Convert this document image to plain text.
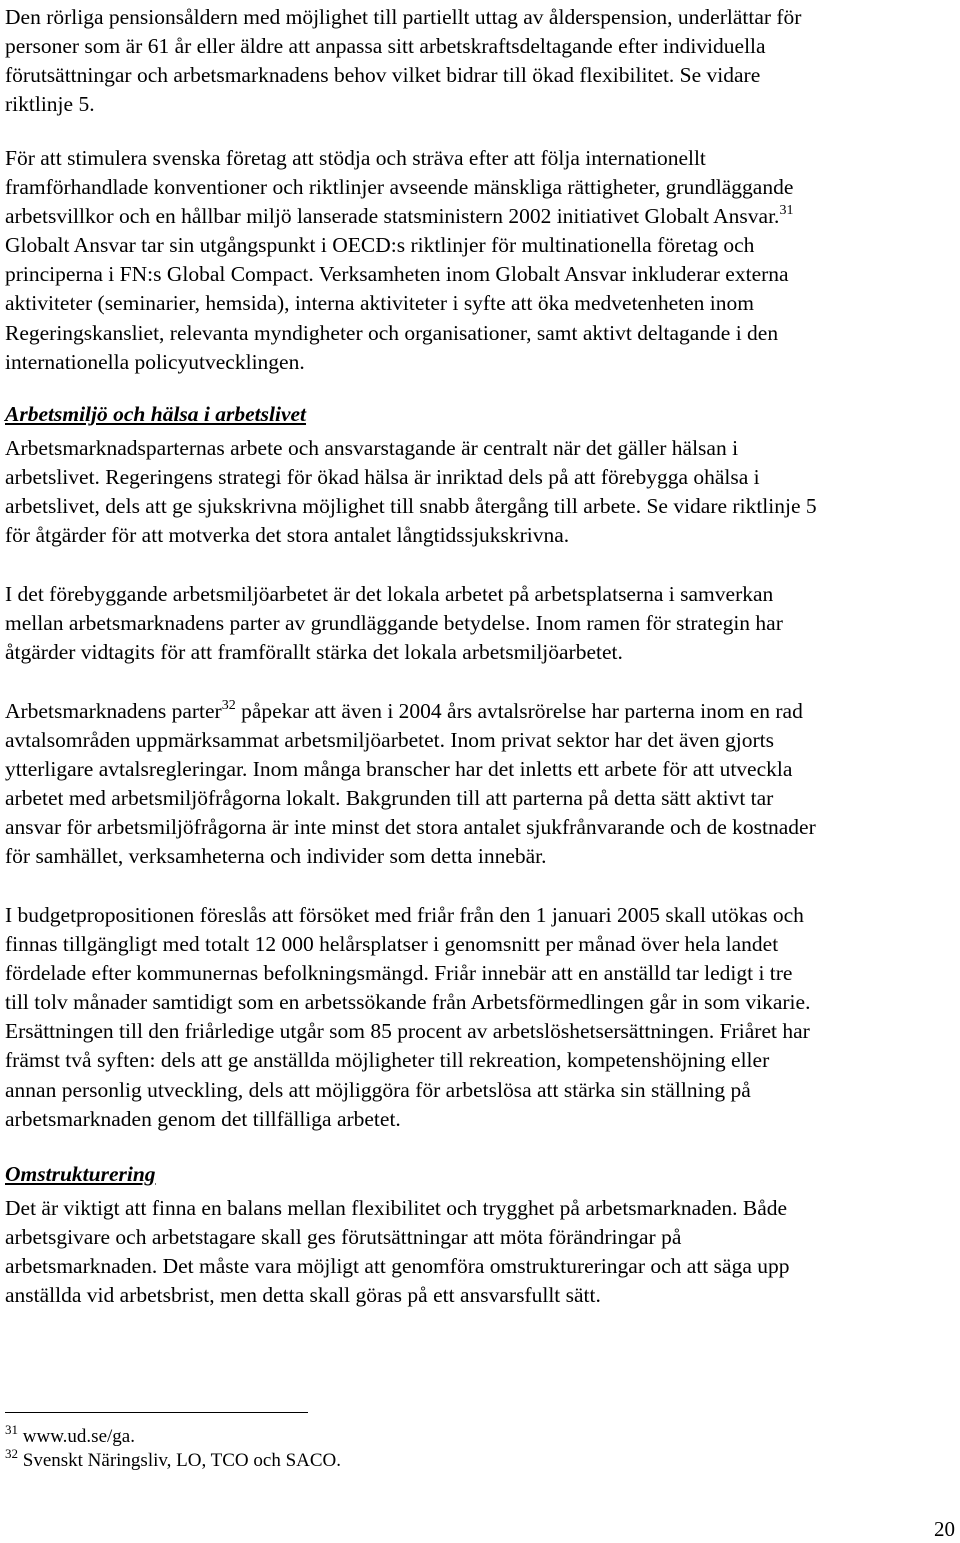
Den rörliga pensionsåldern med möjlighet till partiellt uttag av ålderspension, underlättar för
personer som är 61 år eller äldre att anpassa sitt arbetskraftsdeltagande efter individuella
förutsättningar och arbetsmarknadens behov vilket bidrar till ökad flexibilitet. Se vidare
riktlinje 5.

För att stimulera svenska företag att stödja och sträva efter att följa internationellt
framförhandlade konventioner och riktlinjer avseende mänskliga rättigheter, grundläggande
arbetsvillkor och en hållbar miljö lanserade statsministern 2002 initiativet Globalt Ansvar.$^{31}$
Globalt Ansvar tar sin utgångspunkt i OECD:s riktlinjer för multinationella företag och
principerna i FN:s Global Compact. Verksamheten inom Globalt Ansvar inkluderar externa
aktiviteter (seminarier, hemsida), interna aktiviteter i syfte att öka medvetenheten inom
Regeringskansliet, relevanta myndigheter och organisationer, samt aktivt deltagande i den
internationella policyutvecklingen.

Arbetsmiljö och hälsa i arbetslivet

Arbetsmarknadsparternas arbete och ansvarstagande är centralt när det gäller hälsan i
arbetslivet. Regeringens strategi för ökad hälsa är inriktad dels på att förebygga ohälsa i
arbetslivet, dels att ge sjukskrivna möjlighet till snabb återgång till arbete. Se vidare riktlinje 5
för åtgärder för att motverka det stora antalet långtidssjukskrivna.

I det förebyggande arbetsmiljöarbetet är det lokala arbetet på arbetsplatserna i samverkan
mellan arbetsmarknadens parter av grundläggande betydelse. Inom ramen för strategin har
åtgärder vidtagits för att framförallt stärka det lokala arbetsmiljöarbetet.

Arbetsmarknadens parter$^{32}$ påpekar att även i 2004 års avtalsrörelse har parterna inom en rad
avtalsområden uppmärksammat arbetsmiljöarbetet. Inom privat sektor har det även gjorts
ytterligare avtalsregleringar. Inom många branscher har det inletts ett arbete för att utveckla
arbetet med arbetsmiljöfrågorna lokalt. Bakgrunden till att parterna på detta sätt aktivt tar
ansvar för arbetsmiljöfrågorna är inte minst det stora antalet sjukfrånvarande och de kostnader
för samhället, verksamheterna och individer som detta innebär.

I budgetpropositionen föreslås att försöket med friår från den 1 januari 2005 skall utökas och
finnas tillgängligt med totalt 12 000 helårsplatser i genomsnitt per månad över hela landet
fördelade efter kommunernas befolkningsmängd. Friår innebär att en anställd tar ledigt i tre
till tolv månader samtidigt som en arbetssökande från Arbetsförmedlingen går in som vikarie.
Ersättningen till den friårledige utgår som 85 procent av arbetslöshetsersättningen. Friåret har
främst två syften: dels att ge anställda möjligheter till rekreation, kompetenshöjning eller
annan personlig utveckling, dels att möjliggöra för arbetslösa att stärka sin ställning på
arbetsmarknaden genom det tillfälliga arbetet.

Omstrukturering

Det är viktigt att finna en balans mellan flexibilitet och trygghet på arbetsmarknaden. Både
arbetsgivare och arbetstagare skall ges förutsättningar att möta förändringar på
arbetsmarknaden. Det måste vara möjligt att genomföra omstruktureringar och att säga upp
anställda vid arbetsbrist, men detta skall göras på ett ansvarsfullt sätt.

$^{31}$ www.ud.se/ga.

$^{32}$ Svenskt Näringsliv, LO, TCO och SACO.

20
